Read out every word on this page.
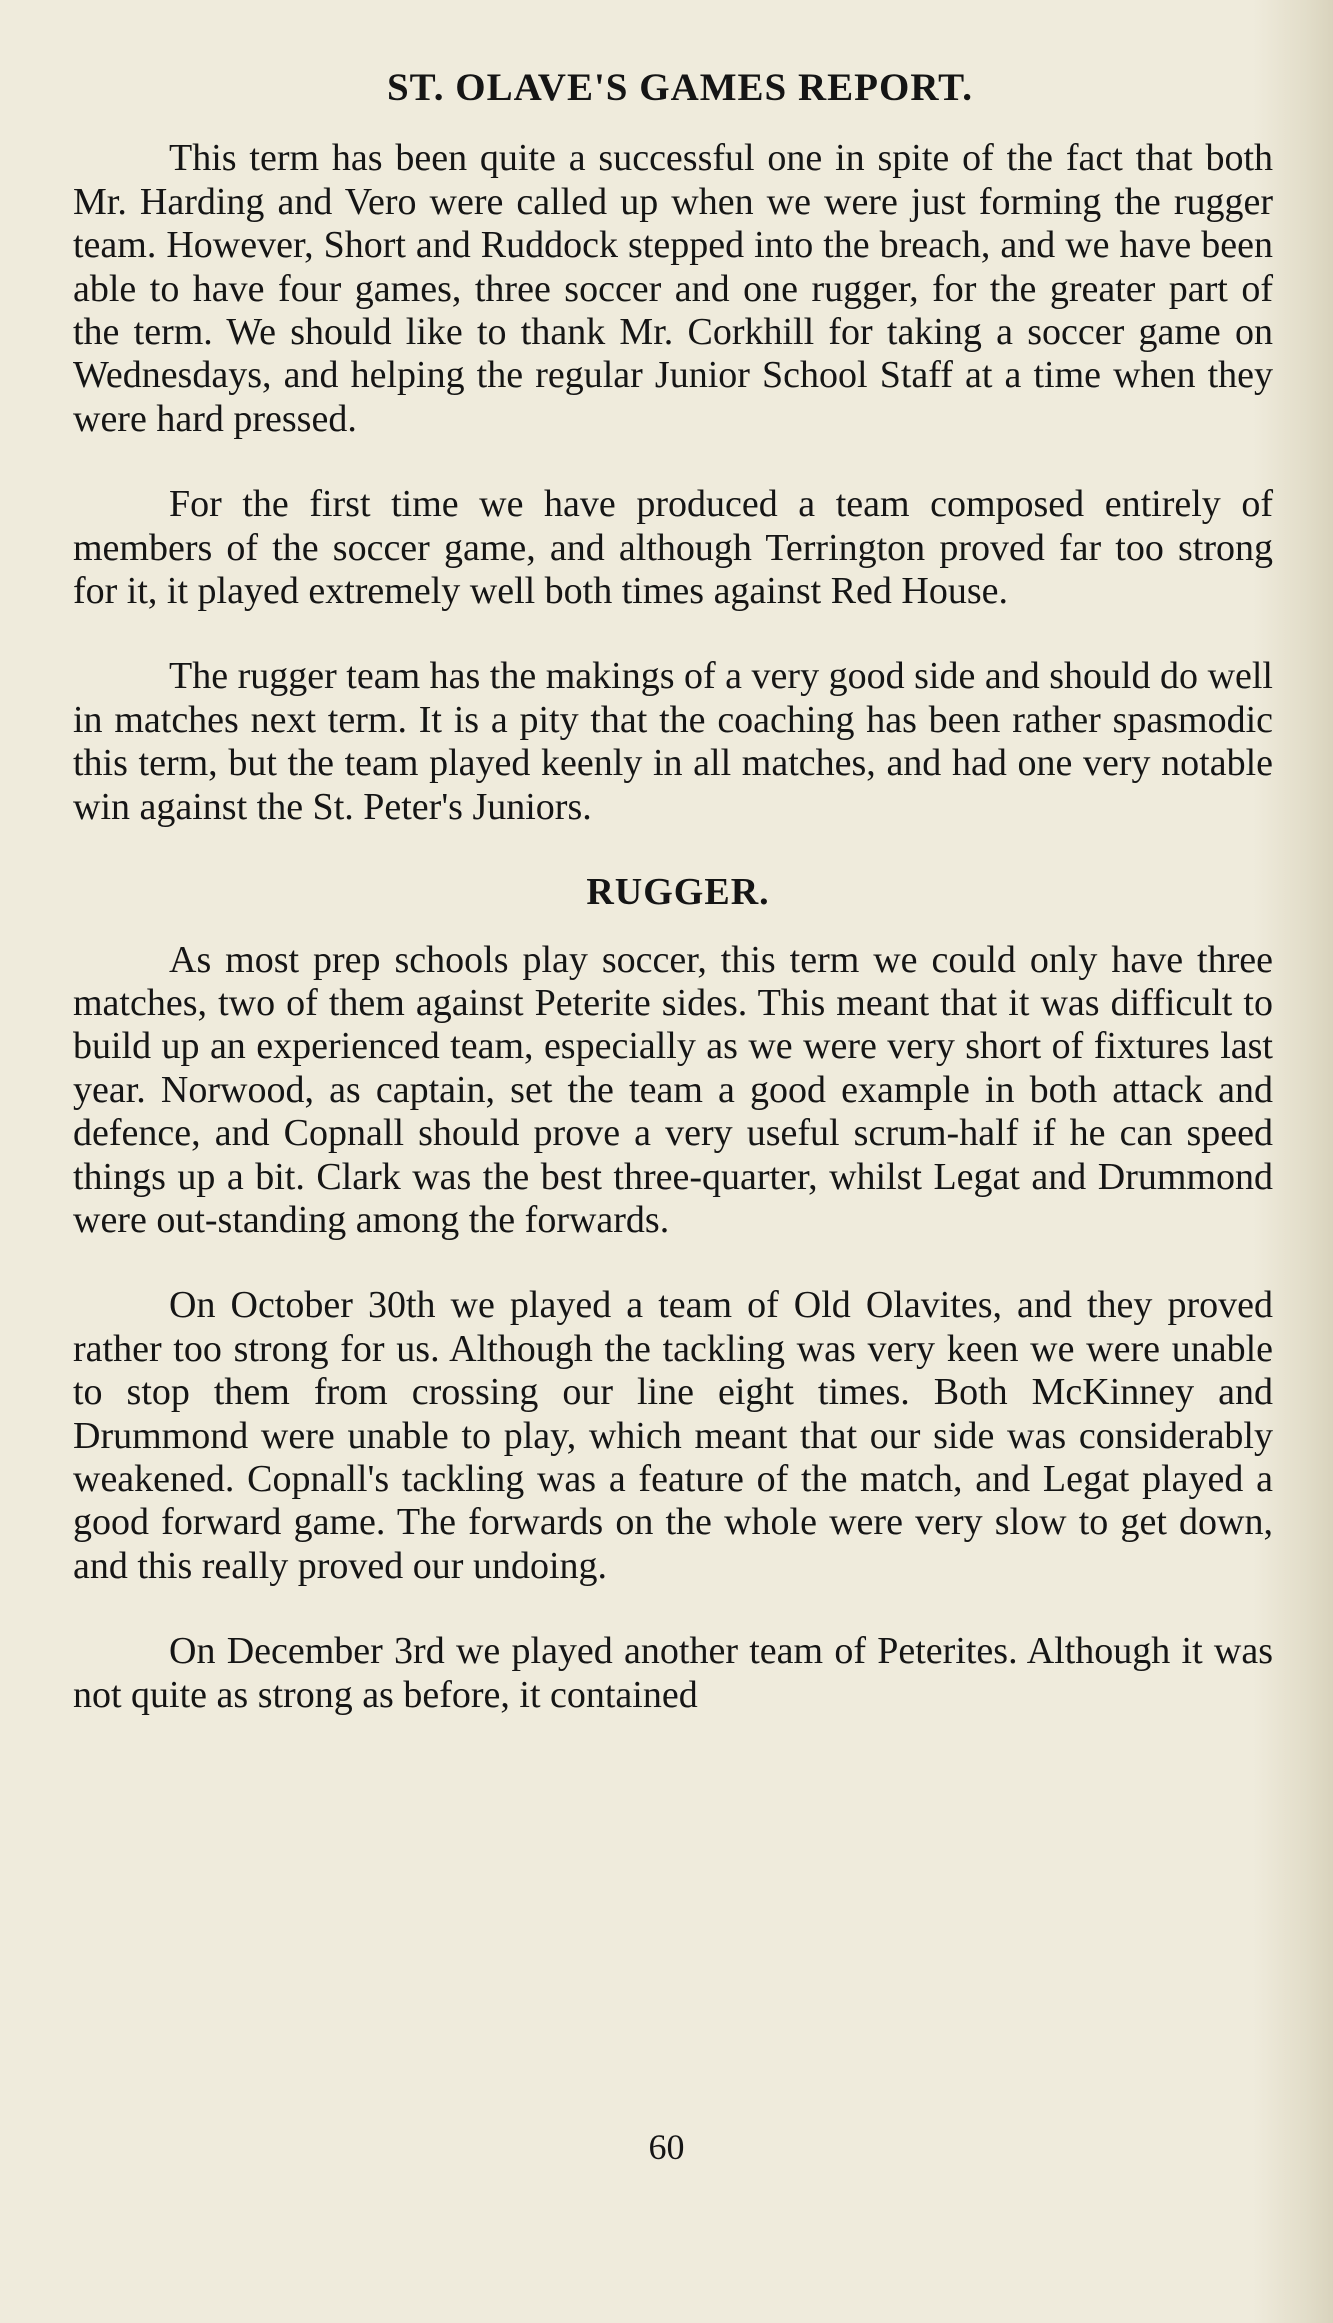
ST. OLAVE'S GAMES REPORT.

This term has been quite a successful one in spite of the fact that both Mr. Harding and Vero were called up when we were just forming the rugger team. However, Short and Ruddock stepped into the breach, and we have been able to have four games, three soccer and one rugger, for the greater part of the term. We should like to thank Mr. Corkhill for taking a soccer game on Wednesdays, and helping the regular Junior School Staff at a time when they were hard pressed.

For the first time we have produced a team composed entirely of members of the soccer game, and although Terrington proved far too strong for it, it played extremely well both times against Red House.

The rugger team has the makings of a very good side and should do well in matches next term. It is a pity that the coaching has been rather spasmodic this term, but the team played keenly in all matches, and had one very notable win against the St. Peter's Juniors.

RUGGER.

As most prep schools play soccer, this term we could only have three matches, two of them against Peterite sides. This meant that it was difficult to build up an experienced team, especially as we were very short of fixtures last year. Norwood, as captain, set the team a good example in both attack and defence, and Copnall should prove a very useful scrum-half if he can speed things up a bit. Clark was the best three-quarter, whilst Legat and Drummond were out-standing among the forwards.

On October 30th we played a team of Old Olavites, and they proved rather too strong for us. Although the tackling was very keen we were unable to stop them from crossing our line eight times. Both McKinney and Drummond were unable to play, which meant that our side was considerably weakened. Copnall's tackling was a feature of the match, and Legat played a good forward game. The forwards on the whole were very slow to get down, and this really proved our undoing.

On December 3rd we played another team of Peterites. Although it was not quite as strong as before, it contained

60
